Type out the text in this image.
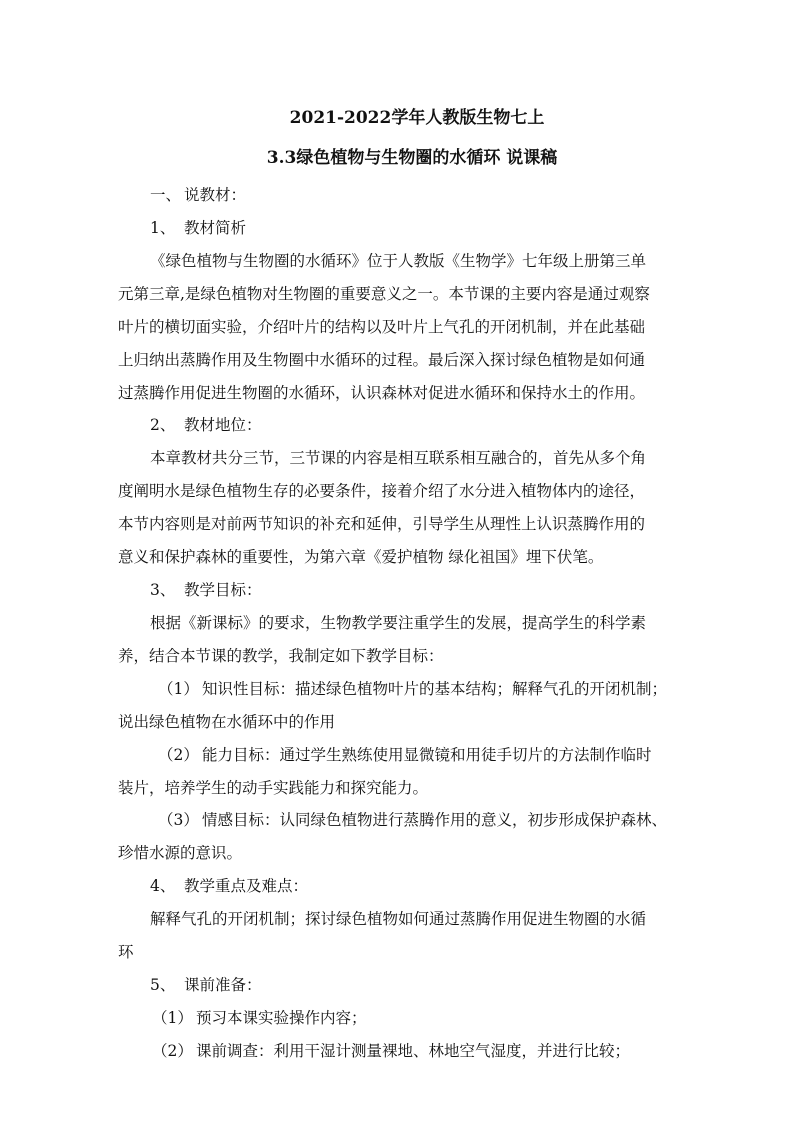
2021-2022学年人教版生物七上
3.3绿色植物与生物圈的水循环 说课稿
一、 说教材：
1、 教材简析
《绿色植物与生物圈的水循环》位于人教版《生物学》七年级上册第三单
元第三章,是绿色植物对生物圈的重要意义之一。本节课的主要内容是通过观察
叶片的横切面实验，介绍叶片的结构以及叶片上气孔的开闭机制，并在此基础
上归纳出蒸腾作用及生物圈中水循环的过程。最后深入探讨绿色植物是如何通
过蒸腾作用促进生物圈的水循环，认识森林对促进水循环和保持水土的作用。
2、 教材地位：
本章教材共分三节，三节课的内容是相互联系相互融合的，首先从多个角
度阐明水是绿色植物生存的必要条件，接着介绍了水分进入植物体内的途径，
本节内容则是对前两节知识的补充和延伸，引导学生从理性上认识蒸腾作用的
意义和保护森林的重要性，为第六章《爱护植物 绿化祖国》埋下伏笔。
3、 教学目标：
根据《新课标》的要求，生物教学要注重学生的发展，提高学生的科学素
养，结合本节课的教学，我制定如下教学目标：
（1） 知识性目标：描述绿色植物叶片的基本结构；解释气孔的开闭机制；
说出绿色植物在水循环中的作用
（2） 能力目标：通过学生熟练使用显微镜和用徒手切片的方法制作临时
装片，培养学生的动手实践能力和探究能力。
（3） 情感目标：认同绿色植物进行蒸腾作用的意义，初步形成保护森林、
珍惜水源的意识。
4、 教学重点及难点：
解释气孔的开闭机制；探讨绿色植物如何通过蒸腾作用促进生物圈的水循
环
5、 课前准备：
（1） 预习本课实验操作内容；
（2） 课前调查：利用干湿计测量裸地、林地空气湿度，并进行比较；
